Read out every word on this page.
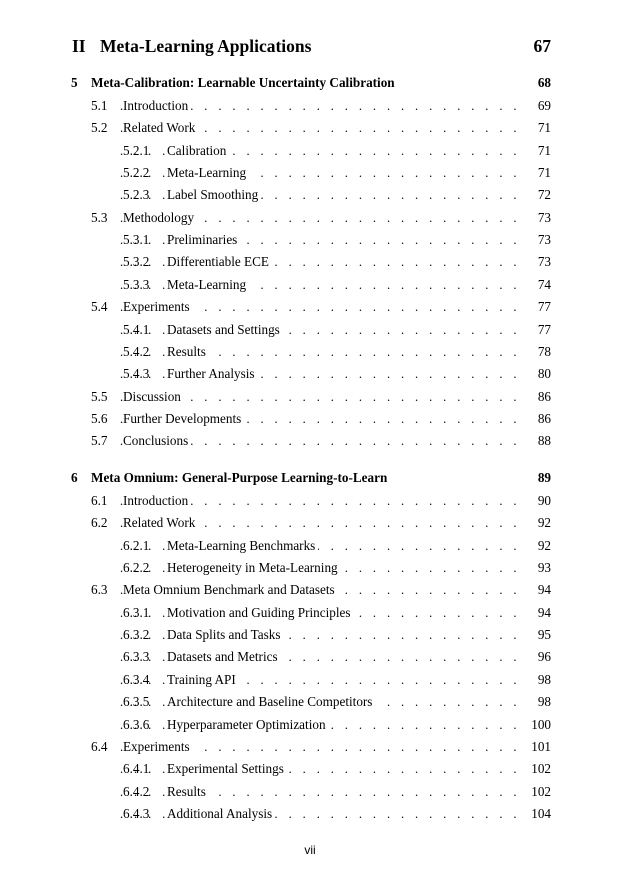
II Meta-Learning Applications	67
5 Meta-Calibration: Learnable Uncertainty Calibration	68
. . .
5.1 Introduction	69
. . .
5.2 Related Work	71
. . .
5.2.1 Calibration	71
. . .
5.2.2 Meta-Learning	71
. . .
5.2.3 Label Smoothing	72
. . .
5.3 Methodology	73
. . .
5.3.1 Preliminaries	73
. . .
5.3.2 Differentiable ECE	73
. . .
5.3.3 Meta-Learning	74
. . .
5.4 Experiments	77
. . .
5.4.1 Datasets and Settings	77
. . .
5.4.2 Results	78
. . .
5.4.3 Further Analysis	80
. . .
5.5 Discussion	86
. . .
5.6 Further Developments	86
. . .
5.7 Conclusions	88
6 Meta Omnium: General-Purpose Learning-to-Learn	89
. . .
6.1 Introduction	90
. . .
6.2 Related Work	92
. . .
6.2.1 Meta-Learning Benchmarks	92
. . .
6.2.2 Heterogeneity in Meta-Learning	93
. . .
6.3 Meta Omnium Benchmark and Datasets	94
. . .
6.3.1 Motivation and Guiding Principles	94
. . .
6.3.2 Data Splits and Tasks	95
. . .
6.3.3 Datasets and Metrics	96
. . .
6.3.4 Training API	98
. . .
6.3.5 Architecture and Baseline Competitors	98
. . .
6.3.6 Hyperparameter Optimization	100
. . .
6.4 Experiments	101
. . .
6.4.1 Experimental Settings	102
. . .
6.4.2 Results	102
. . .
6.4.3 Additional Analysis	104
vii
